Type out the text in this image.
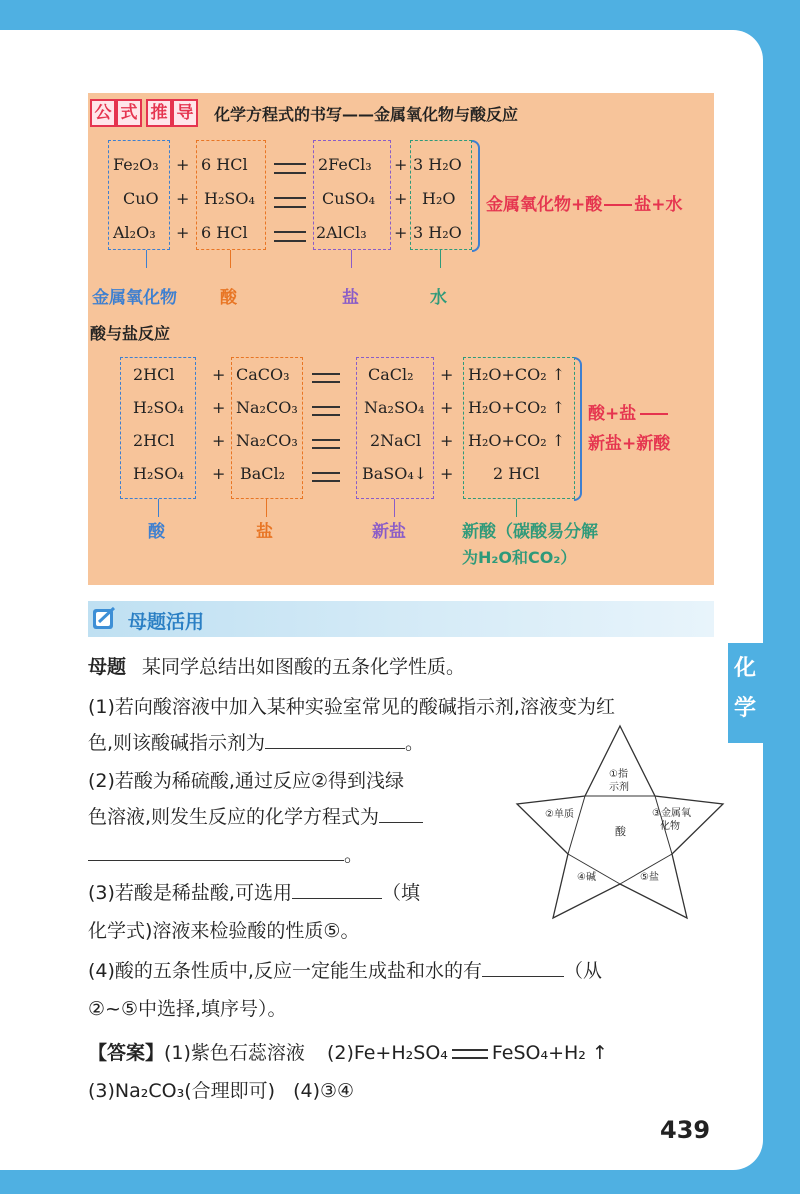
公 式 推 导 化学方程式的书写——金属氧化物与酸反应
Fe₂O₃ + 6 HCl	2FeCl₃ + 3 H₂O
CuO + H₂SO₄	CuSO₄ + H₂O
Al₂O₃ + 6 HCl	2AlCl₃ + 3 H₂O
金属氧化物+酸 盐+水
金属氧化物	酸	盐	水
酸与盐反应
2HCl + CaCO₃	CaCl₂ + H₂O+CO₂ ↑
H₂SO₄ + Na₂CO₃	Na₂SO₄ + H₂O+CO₂ ↑
2HCl + Na₂CO₃	2NaCl + H₂O+CO₂ ↑
H₂SO₄ + BaCl₂	BaSO₄↓ + 2 HCl
酸+盐
新盐+新酸
酸	盐	新盐	新酸（碳酸易分解
为H₂O和CO₂）
母题活用
母题 某同学总结出如图酸的五条化学性质。
(1)若向酸溶液中加入某种实验室常见的酸碱指示剂,溶液变为红
色,则该酸碱指示剂为	。
(2)若酸为稀硫酸,通过反应②得到浅绿
色溶液,则发生反应的化学方程式为
。
(3)若酸是稀盐酸,可选用	（填
化学式)溶液来检验酸的性质⑤。
(4)酸的五条性质中,反应一定能生成盐和水的有	（从
②~⑤中选择,填序号）。
①指
示剂
②单质	③金属氧
化物
酸
④碱	⑤盐
【答案】(1)紫色石蕊溶液 (2)Fe+H₂SO₄ FeSO₄+H₂ ↑
(3)Na₂CO₃(合理即可) (4)③④
化
学
439
